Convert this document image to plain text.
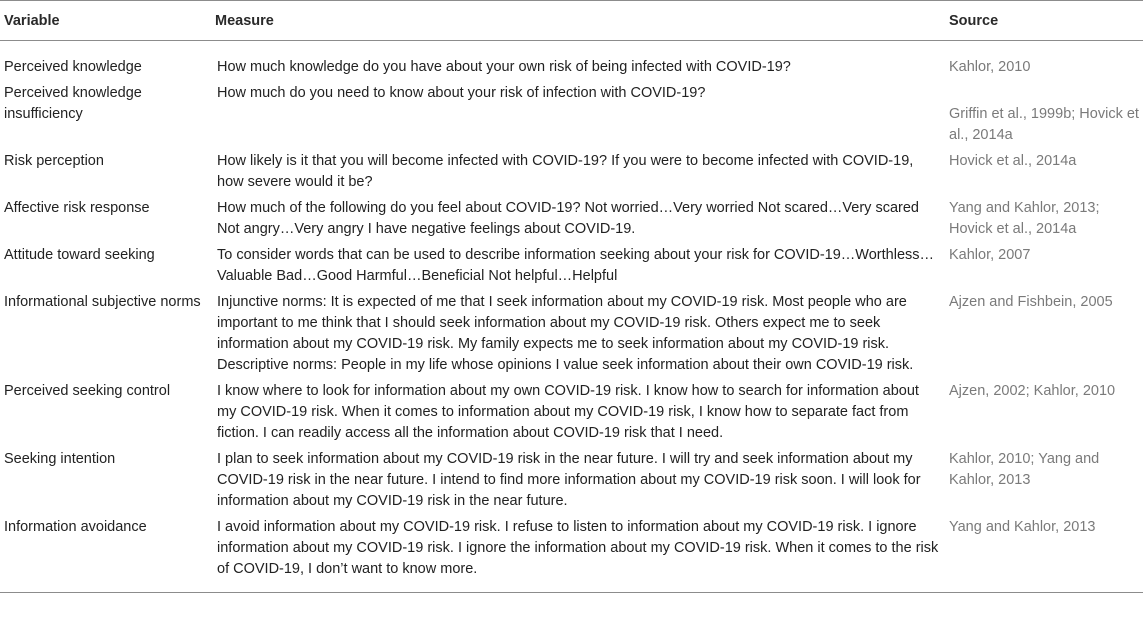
Variable	Measure	Source
Perceived knowledge	How much knowledge do you have about your own risk of being infected with COVID-19?	Kahlor, 2010
Perceived knowledge insufficiency	How much do you need to know about your risk of infection with COVID-19?	Griffin et al., 1999b; Hovick et al., 2014a
Risk perception	How likely is it that you will become infected with COVID-19? If you were to become infected with COVID-19, how severe would it be?	Hovick et al., 2014a
Affective risk response	How much of the following do you feel about COVID-19? Not worried…Very worried Not scared…Very scared Not angry…Very angry I have negative feelings about COVID-19.	Yang and Kahlor, 2013; Hovick et al., 2014a
Attitude toward seeking	To consider words that can be used to describe information seeking about your risk for COVID-19…Worthless…Valuable Bad…Good Harmful…Beneficial Not helpful…Helpful	Kahlor, 2007
Informational subjective norms	Injunctive norms: It is expected of me that I seek information about my COVID-19 risk. Most people who are important to me think that I should seek information about my COVID-19 risk. Others expect me to seek information about my COVID-19 risk. My family expects me to seek information about my COVID-19 risk. Descriptive norms: People in my life whose opinions I value seek information about their own COVID-19 risk.	Ajzen and Fishbein, 2005
Perceived seeking control	I know where to look for information about my own COVID-19 risk. I know how to search for information about my COVID-19 risk. When it comes to information about my COVID-19 risk, I know how to separate fact from fiction. I can readily access all the information about COVID-19 risk that I need.	Ajzen, 2002; Kahlor, 2010
Seeking intention	I plan to seek information about my COVID-19 risk in the near future. I will try and seek information about my COVID-19 risk in the near future. I intend to find more information about my COVID-19 risk soon. I will look for information about my COVID-19 risk in the near future.	Kahlor, 2010; Yang and Kahlor, 2013
Information avoidance	I avoid information about my COVID-19 risk. I refuse to listen to information about my COVID-19 risk. I ignore information about my COVID-19 risk. I ignore the information about my COVID-19 risk. When it comes to the risk of COVID-19, I don’t want to know more.	Yang and Kahlor, 2013
